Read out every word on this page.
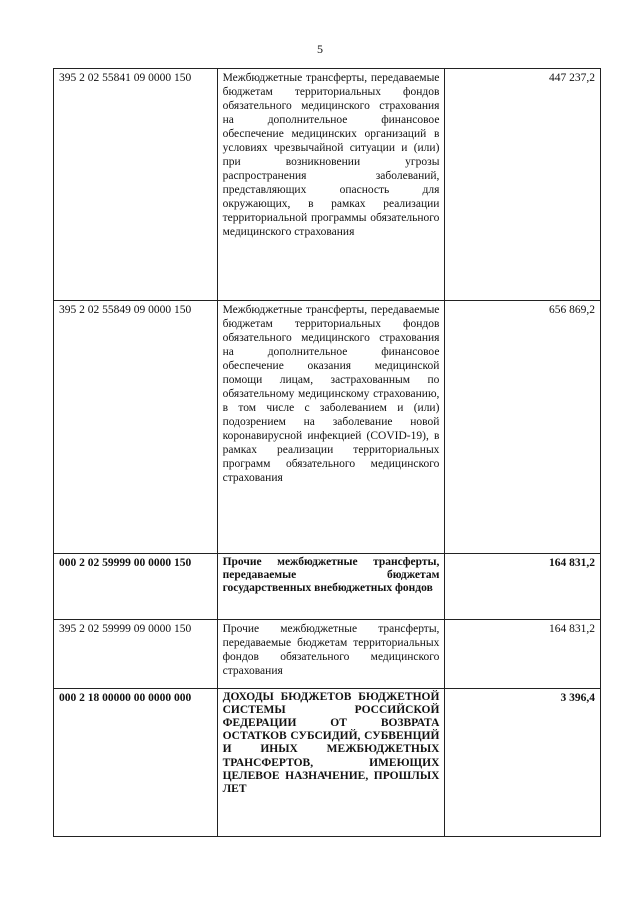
5
395 2 02 55841 09 0000 150	Межбюджетные трансферты, передаваемые бюджетам территориальных фондов обязательного медицинского страхования на дополнительное финансовое обеспечение медицинских организаций в условиях чрезвычайной ситуации и (или) при возникновении угрозы распространения заболеваний, представляющих опасность для окружающих, в рамках реализации территориальной программы обязательного медицинского страхования	447 237,2
395 2 02 55849 09 0000 150	Межбюджетные трансферты, передаваемые бюджетам территориальных фондов обязательного медицинского страхования на дополнительное финансовое обеспечение оказания медицинской помощи лицам, застрахованным по обязательному медицинскому страхованию, в том числе с заболеванием и (или) подозрением на заболевание новой коронавирусной инфекцией (COVID-19), в рамках реализации территориальных программ обязательного медицинского страхования	656 869,2
000 2 02 59999 00 0000 150	Прочие межбюджетные трансферты, передаваемые бюджетам государственных внебюджетных фондов	164 831,2
395 2 02 59999 09 0000 150	Прочие межбюджетные трансферты, передаваемые бюджетам территориальных фондов обязательного медицинского страхования	164 831,2
000 2 18 00000 00 0000 000	ДОХОДЫ БЮДЖЕТОВ БЮДЖЕТНОЙ СИСТЕМЫ РОССИЙСКОЙ ФЕДЕРАЦИИ ОТ ВОЗВРАТА ОСТАТКОВ СУБСИДИЙ, СУБВЕНЦИЙ И ИНЫХ МЕЖБЮДЖЕТНЫХ ТРАНСФЕРТОВ, ИМЕЮЩИХ ЦЕЛЕВОЕ НАЗНАЧЕНИЕ, ПРОШЛЫХ ЛЕТ	3 396,4
